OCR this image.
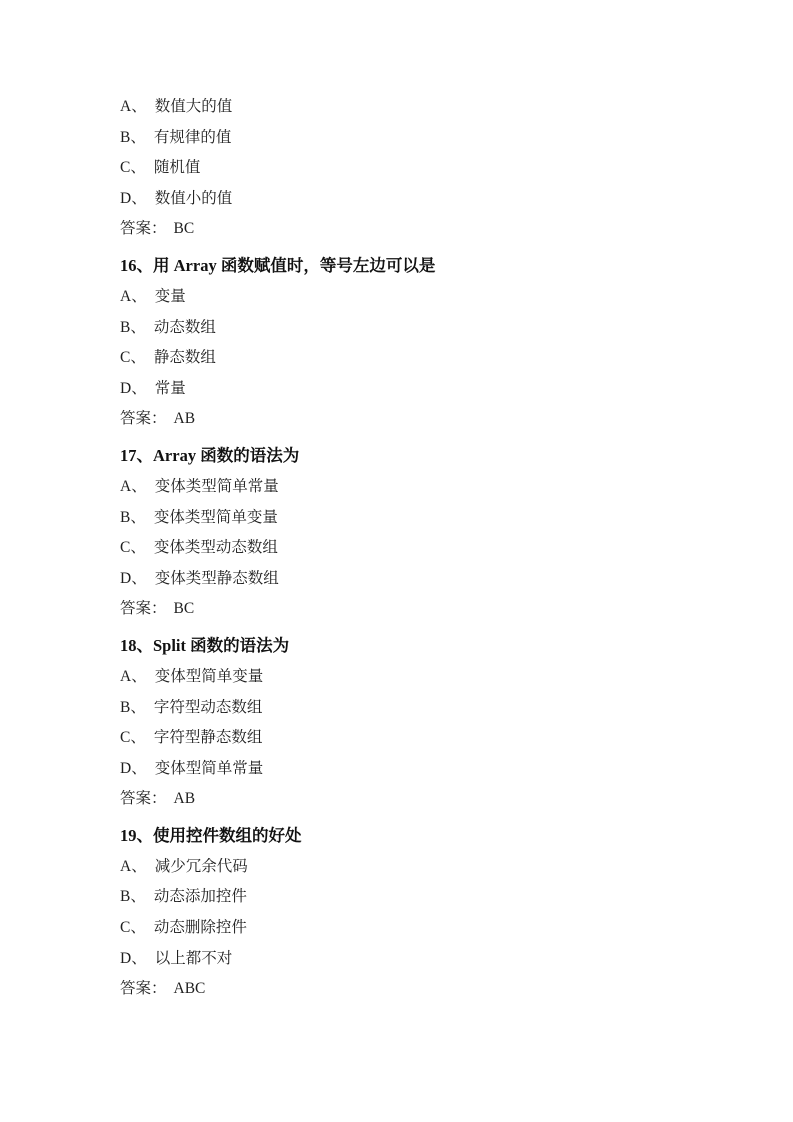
A、 数值大的值
B、 有规律的值
C、 随机值
D、 数值小的值
答案： BC
16、用 Array 函数赋值时，等号左边可以是
A、 变量
B、 动态数组
C、 静态数组
D、 常量
答案： AB
17、Array 函数的语法为
A、 变体类型简单常量
B、 变体类型简单变量
C、 变体类型动态数组
D、 变体类型静态数组
答案： BC
18、Split 函数的语法为
A、 变体型简单变量
B、 字符型动态数组
C、 字符型静态数组
D、 变体型简单常量
答案： AB
19、使用控件数组的好处
A、 减少冗余代码
B、 动态添加控件
C、 动态删除控件
D、 以上都不对
答案： ABC
